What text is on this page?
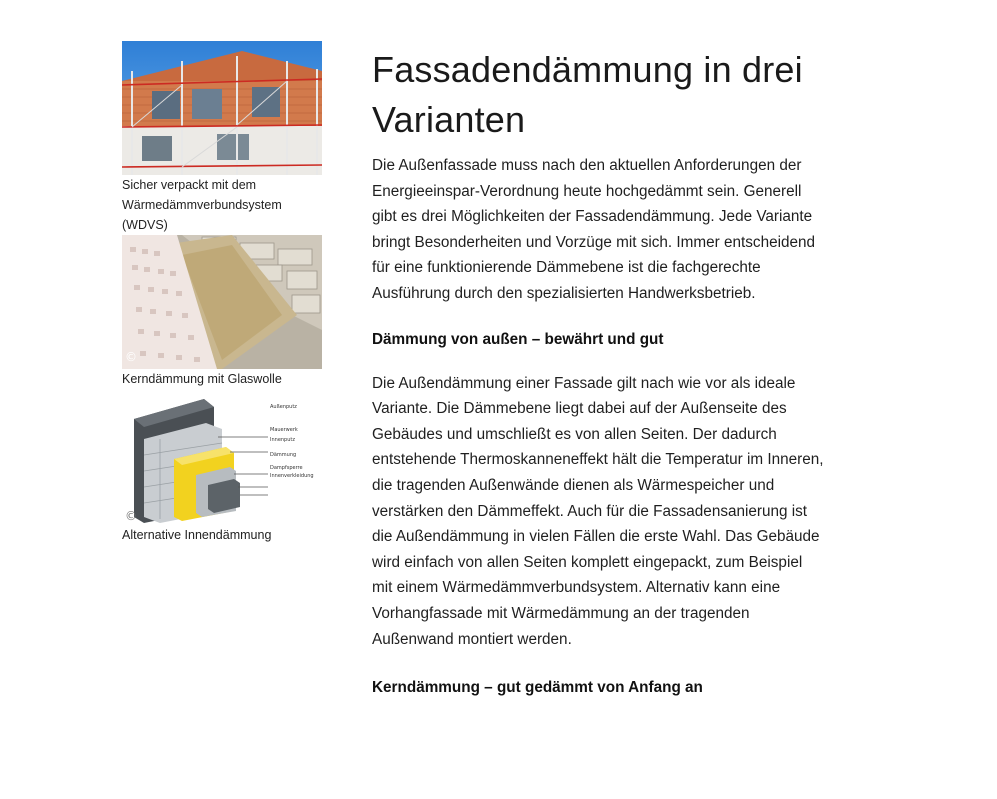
Sicher verpackt mit dem Wärmedämmverbundsystem (WDVS)

©

Kerndämmung mit Glaswolle

Außenputz
Mauerwerk
Innenputz
Dämmung
Dampfsperre
Innenverkleidung
©

Alternative Innendämmung

Fassadendämmung in drei Varianten

Die Außenfassade muss nach den aktuellen Anforderungen der Energieeinspar-Verordnung heute hochgedämmt sein. Generell gibt es drei Möglichkeiten der Fassadendämmung. Jede Variante bringt Besonderheiten und Vorzüge mit sich. Immer entscheidend für eine funktionierende Dämmebene ist die fachgerechte Ausführung durch den spezialisierten Handwerksbetrieb.

Dämmung von außen – bewährt und gut

Die Außendämmung einer Fassade gilt nach wie vor als ideale Variante. Die Dämmebene liegt dabei auf der Außenseite des Gebäudes und umschließt es von allen Seiten. Der dadurch entstehende Thermoskanneneffekt hält die Temperatur im Inneren, die tragenden Außenwände dienen als Wärmespeicher und verstärken den Dämmeffekt. Auch für die Fassadensanierung ist die Außendämmung in vielen Fällen die erste Wahl. Das Gebäude wird einfach von allen Seiten komplett eingepackt, zum Beispiel mit einem Wärmedämmverbundsystem. Alternativ kann eine Vorhangfassade mit Wärmedämmung an der tragenden Außenwand montiert werden.

Kerndämmung – gut gedämmt von Anfang an
